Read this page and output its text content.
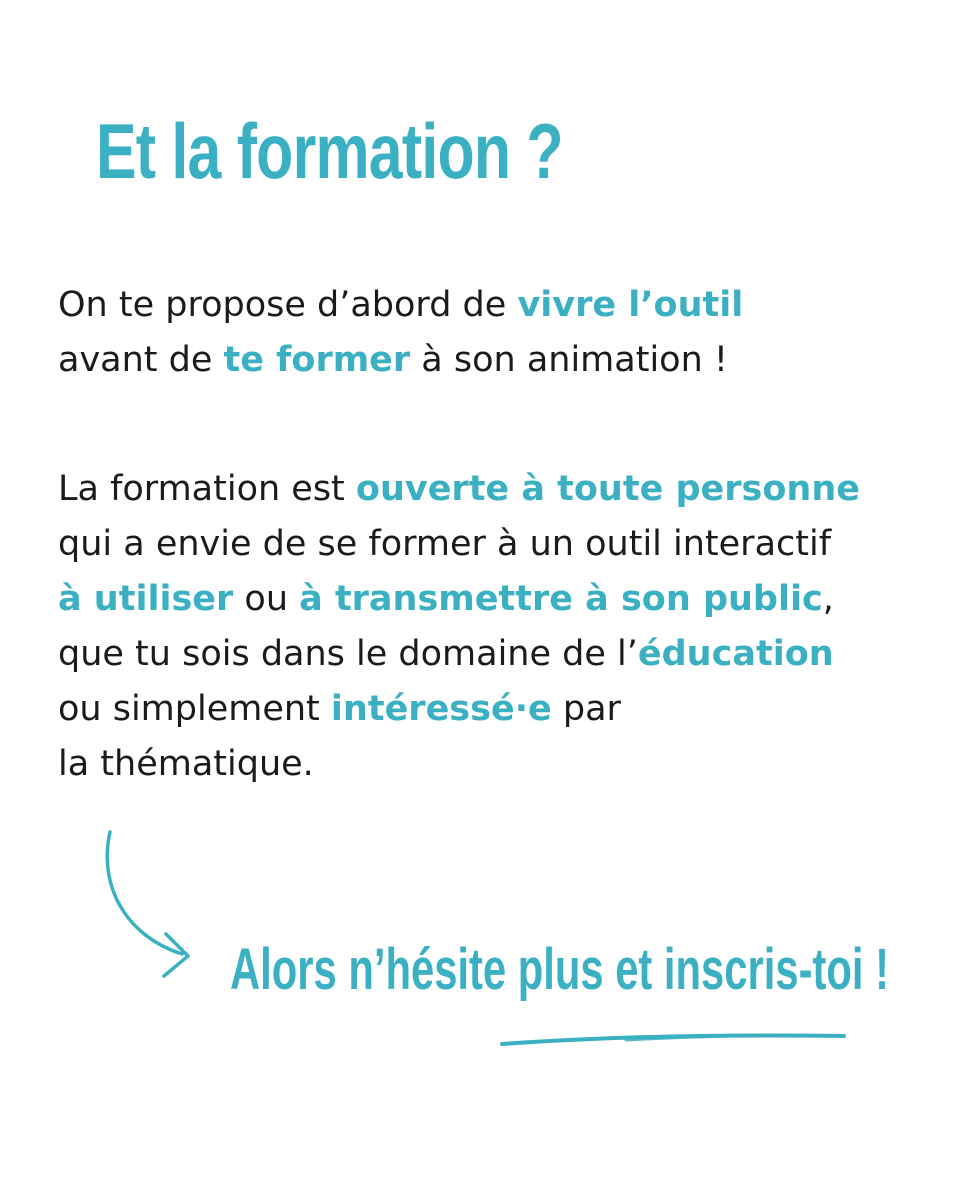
Et la formation ?

On te propose d’abord de vivre l’outil
avant de te former à son animation !

La formation est ouverte à toute personne
qui a envie de se former à un outil interactif
à utiliser ou à transmettre à son public,
que tu sois dans le domaine de l’éducation
ou simplement intéressé·e par
la thématique.

Alors n’hésite plus et inscris-toi !
